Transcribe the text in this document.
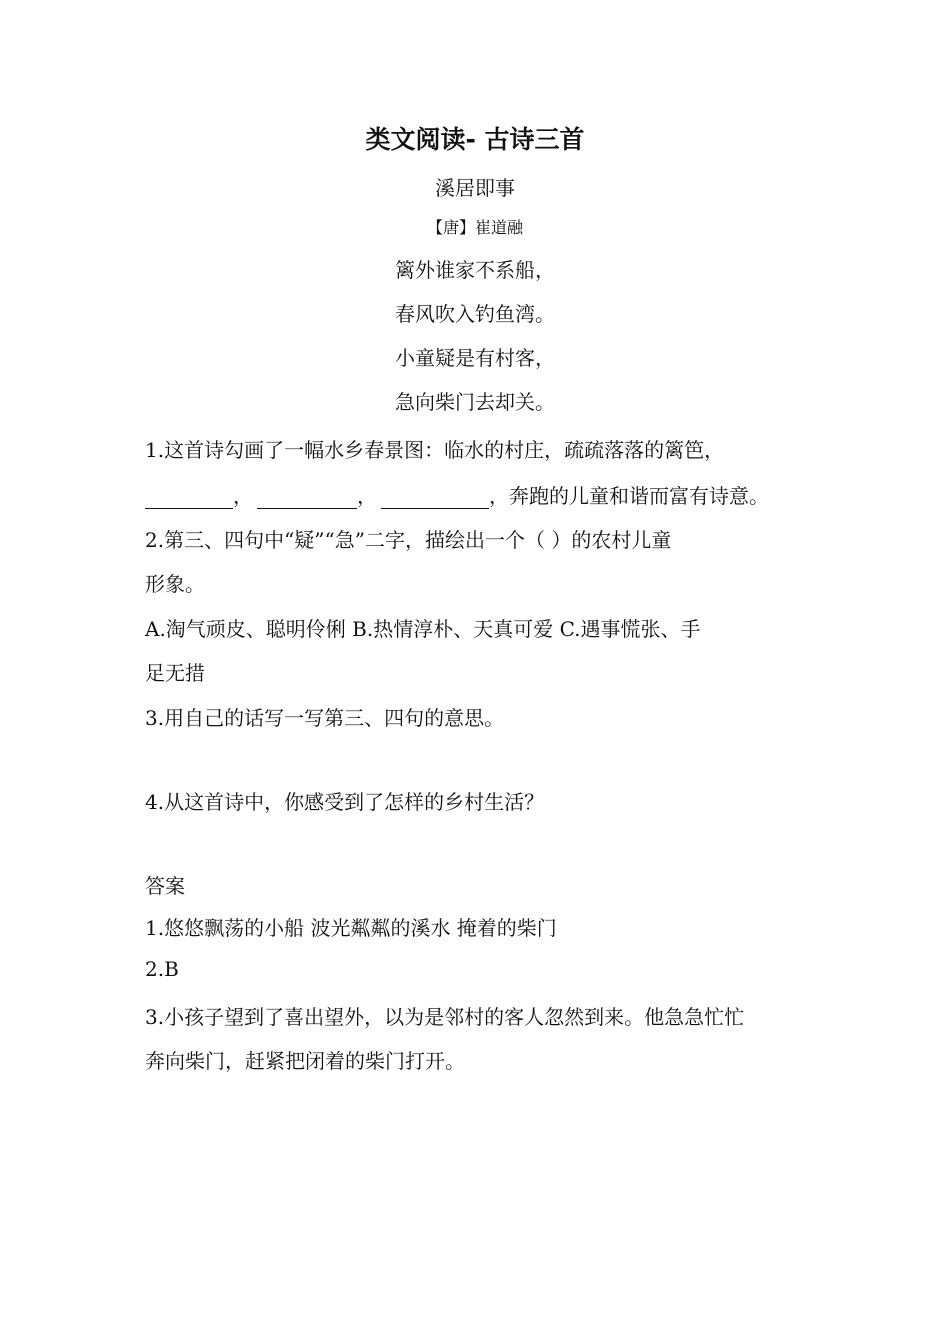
类文阅读- 古诗三首
溪居即事
【唐】崔道融
篱外谁家不系船，
春风吹入钓鱼湾。
小童疑是有村客，
急向柴门去却关。
1.这首诗勾画了一幅水乡春景图：临水的村庄，疏疏落落的篱笆，
，	，	，奔跑的儿童和谐而富有诗意。
2.第三、四句中“疑”“急”二字，描绘出一个（ ）的农村儿童
形象。
A.淘气顽皮、聪明伶俐 B.热情淳朴、天真可爱 C.遇事慌张、手
足无措
3.用自己的话写一写第三、四句的意思。
4.从这首诗中，你感受到了怎样的乡村生活？
答案
1.悠悠飘荡的小船 波光粼粼的溪水 掩着的柴门
2.B
3.小孩子望到了喜出望外，以为是邻村的客人忽然到来。他急急忙忙
奔向柴门，赶紧把闭着的柴门打开。
